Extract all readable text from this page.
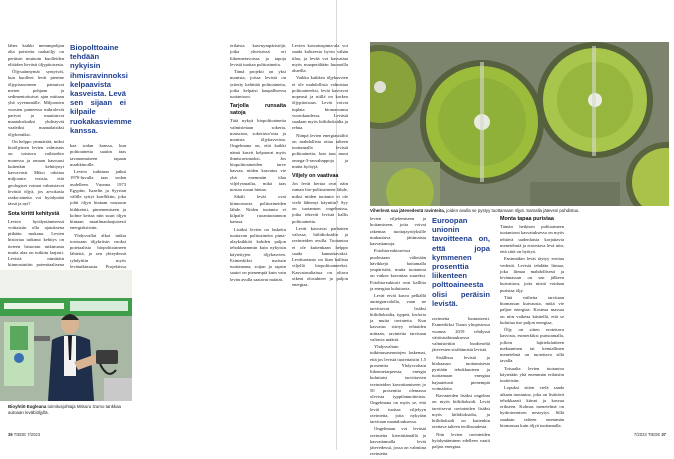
lähes kaikki memmpohjan alta poistettu raakaöljy on peräisin muinoin kuolleiden eliöiden lievästi öljypitoisesta.

Öljysaännymät syntyivät, kun kuolleet levät pienine öljypisaroineen painuivat meren pohjaan ja sedimentoituivat ajan mittaan yhä syvemmälle. Miljoonien vuosien paineessa mikrolevät parivat ja muuttuivat maataloskaiksi yhdistyvät vaaleiksi maanalaisiksi öljykentiksi.

On helppo ymmärtää, miksi bioöljyinen levien valmistus on toistuva vaihtoehto monessa ja omaan kasvuusi kuitenkin kehittynyt kasvavasti. Miksi odottaa miljoonia vuosia, että geologiset voimat valmistavat levästä öljyä, jos arvokasta raaka-ainetta voi hyödyntää tässä ja nyt?

Sota kiritti kehitystä

Levien hyödyntämisessä voittaisiin olla ajatuksena pitkään mukana. Levien historiaa tutkinut kehitys on tieteen historian tutkimusta mutta alaa on tutkittu laajasti. Levistä nimittäin kiinnostuttiin potentiaalisena

Biopolttoaine tehdään nykyisin ihmisravinnoksi kelpaavista kasveista. Levä sen sijaan ei kilpaile ruokakasviemme kanssa.

kaa sodan kanssa, kun polttoainetta saatiin taas tavanomaiseen tapaan markkinoille.

Levien tutkimus jatkui 1970-luvulla taas sodan uudelleen. Vuonna 1973 Egyptin, Israelin ja Syyrian välille syttyi konfliktin, joka johti öljyn hintaan nousuun kiihkeästi, pimenemiseen ja kolme kertaa niin suuri öljyn hintaan maailmanlaajuisesti energiakriisiin.

Yhdysvallat alkoi tutkia tosissaan öljykriisin vuoksi poteiaalisia biopolttoaineen lähteitä, ja sen yhteydessä ryhdyttiin myös levätutkimusta. Projektissa

Bioyhtiö Eugleana toimitusjohtaja Mitsuru Izumo tankkaa autoaan leväbiöljyllä.
36 TIEDE 7/2023

erilaisia kasvuympäristöjä, jotka yhteisössä eri liikennetavoissa ja tapoja levistä tuottaa polttoaineita.

Tämä projekti on yksi monista, joissa levistä on yritetty kehittää polttoaineita, jotka kelpaisi kaupallisessa tuotantoon.

Tarjolla runsaita satoja

Tätä nykyä biopolttoaineita valmistetaan sokeria, maissista, sokeriruo'osta ja monista öljykasveista. Ongelmana on, että kaikki nämä kasvit kelpaavat myös ihmisravinnoksi. Jos biopolttoaineiden tarve kasvaa, niiden kasvatus vie yhä enemmän tilaa viljelysmailta, mikä taas nostaa ruoan hintaa.

Sikäli levät ovat kiinnostavia polttoaineiden lähde. Niiden tuotanto ei kilpaile ruoantuotannon kanssa.

Lisäksi levien on laskettu tuottavan polttoainetta pinta-alayksikköä kohden paljon tehokkaammin kuin nykyisin käytettyjen öljykasvien. Esimerkiksi maissin tuottamana, soijan ja rapsin saatot on pienempiä kuin vain levän avulla saatavat määrät.

Levien kasvatuspinta-ala voi saada kohteesta hyvin vähän tilaa, ja levää voi kasvattaa myös maaperältään huonoilla alueilla.

Vaikka kaikkea öljykasvien ei ole mahdollista valmistaa polttoaineeksi, levät kasvavat nopeasti ja niillä on korkea öljypitoisuus. Levät voivat tuplata biomassansa vuorokaudessa. Levästä saadaan myös hiilidioksidia ja rehua.

Niinpä levien energiasisältö on mahdollista ottaa talteen tuottamalla levistä polttoainetta, kun taas muut omega-3-rasvahappoja ja muita hyötyjä.

Viljely on vaativaa

Jos levät kertaa ovat näin ruman bio-polttoaineen lähde, miksi niiden tuotanto ei ole vielä lähtenyt käyntiin? Syy on tuotannon ongelmissa, jotka tekevät levistä kallis polttoainetta.

Levät kasvavat parhaiten valossa, hiilidioksidin ja ravinteiden avulla. Tuotantoa ei ole kuitenkaan helppo saada kannattavaksi. Levätuotanto on liian kallista viljellä biopolttoaineeksi. Kasvatusaltaissa on oltava oikeat olosuhteet ja paljon energiaa.

Viherlevä saa jätevedestä ravinteita, joiden avulla se pystyy tuottamaan öljyä. Samalla jätevesi puhdistuu.

levien viljelemiseen ja hoitamiseen, joita voivat rakentaa tuottajayrityksille mukautuva jättimaisia kasvattamoja.

Fotobioreaktoreissa puolestaan vältetään hävikkejä hoitamalla ympäristöä, mutta tuotantoa on vaikea kasvattaa suureksi. Fotobioreaktorit ovat kalliita ja energiaa kuluttavia.

Levät eivät kasva pelkällä auringonvalolla, vaan ne tarvitsevat lisäksi hiilidioksidia, typpeä, fosforia ja muita ravinteita. Kun kasvatus siirtyy tehtaiden mittaan, ravinteita tarvitaan valtavia määriä.

Yhdysvaltain tutkimusaseuntojen laskemat, että jos levistä tuotettaisiin 1,5 prosenttia Yhdysvaltain liikennetarpeesta, energia kuluttaisi tarvittavien ravinteiden kasvattamiseen jo 50 prosenttia olemassa olevista typpilannoitteista. Ongelmana on myös se, että leviä tuottaa viljelyyn ravinteita, joita nykyään tarvitaan maatalouksessa.

Ongelmaan voi levästä ravinteita kierrättämällä ja kasvattamalla leviä jätevedessä, jossa on valmiina ravinteita.

Euroopan unionin tavoitteena on, että jopa kymmenen prosenttia liikenteen polttoaineesta olisi peräisin levistä.

ravinteita luontaisesti. Esimerkiksi Turun yliopistossa vuonna 2019 tehdyssä väitöstutkimuksessa valmistettiin biodieseliä jätevesien sisältämistä levistä.

Sisällissa levistä ja biokaasun tuottamisesta pyritään tehokkuuteen ja tuottamaan energiaa hajautetusti pienempiä voimaloita.

Ravinteiden lisäksi ongelma on myös hiilidioksidi. Levät tarvitsevat ravinteiden lisäksi myös hiilidioksidia, ja hiilidioksidi on kuitenkin otettava talteen teollisuudesta.

Niin levien ravinteiden hyödyntäminen edelleen vaatii paljon energiaa.

Monta tapaa puristaa

Tämän hetkisen polttoaineen tuotantoon kasvatuksessa on myös tehtävä uudenlaisia korjattavia menetelmiä ja erotettava levä niin, että siitä on hyötyä.

Ensinnäkin levät täytyy erottaa vedestä. Levistä tehdään liimaa, joka liimaa mahdollisesti ja levämassan on sen jälkeen kuivattava, jotta niistä voidaan puristaa öljy.

Tätä vaihetta tarvitaan biomassan kuivausta, mikä vie paljon energiaa. Kosteaa massaa on niin vaikeaa käsitellä, että se kuluttaa itse paljon energiaa.

Öljy on sitten erotettava kasvista, esimerkiksi puristamalla, jolloin lajittelulaitteen mekaaninen tai kemiallinen menetelmä on tuotettava sillä tavalla.

Toisaalta levien tuotantoa käytetään yhä enemmän erilaisiin tuotteisiin.

Lopuksi sitten vielä saada aikaan tuotantoa, joka on lisättävä tehokkaasti kiinni ja kasvaa erikseen. Kolmas menetelmä on hydrotermisen nesteytys. Sillä saadaan talteen enemmän biomassaa kuin öljyä tuottamalla.

7/2023 TIEDE 37
